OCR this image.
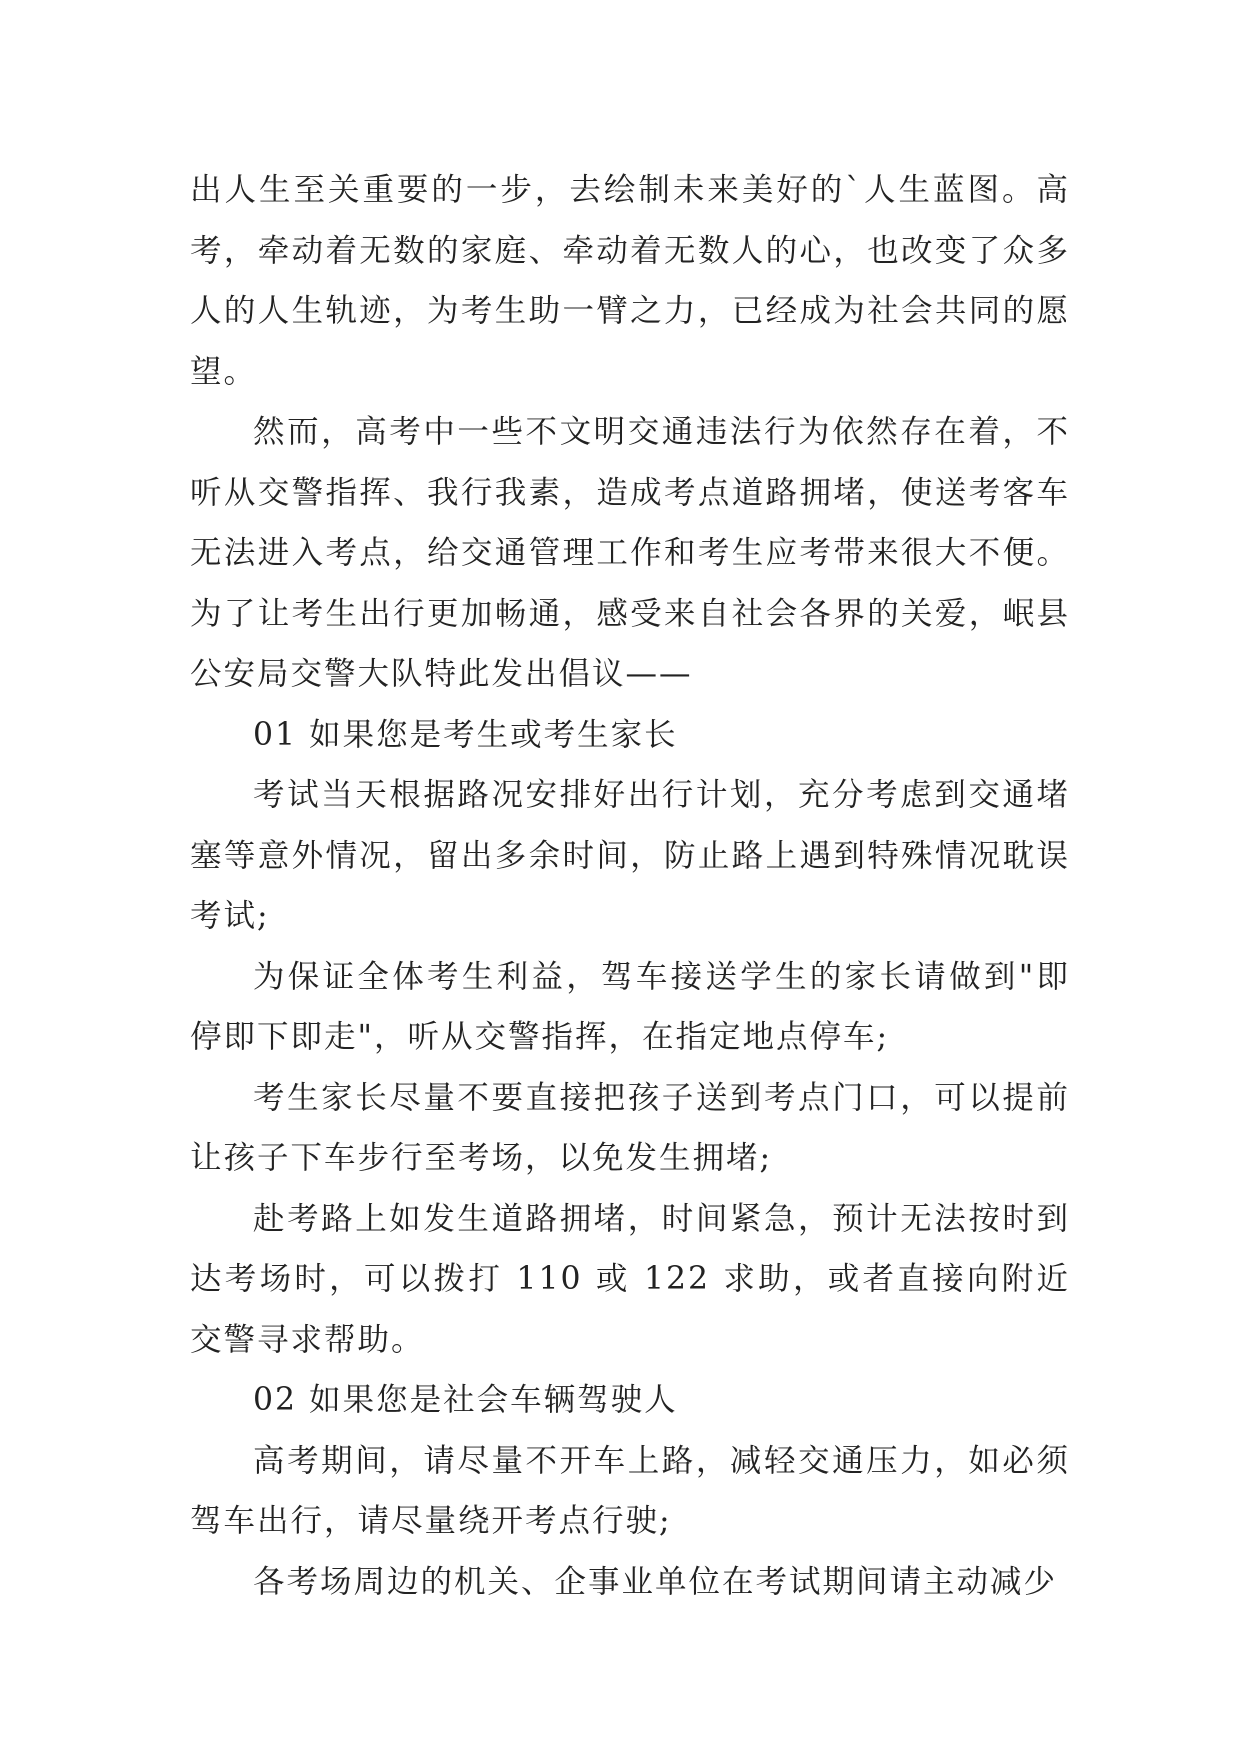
出人生至关重要的一步，去绘制未来美好的`人生蓝图。高考，牵动着无数的家庭、牵动着无数人的心，也改变了众多人的人生轨迹，为考生助一臂之力，已经成为社会共同的愿望。

然而，高考中一些不文明交通违法行为依然存在着，不听从交警指挥、我行我素，造成考点道路拥堵，使送考客车无法进入考点，给交通管理工作和考生应考带来很大不便。为了让考生出行更加畅通，感受来自社会各界的关爱，岷县公安局交警大队特此发出倡议——

01 如果您是考生或考生家长

考试当天根据路况安排好出行计划，充分考虑到交通堵塞等意外情况，留出多余时间，防止路上遇到特殊情况耽误考试;

为保证全体考生利益，驾车接送学生的家长请做到"即停即下即走"，听从交警指挥，在指定地点停车;

考生家长尽量不要直接把孩子送到考点门口，可以提前让孩子下车步行至考场，以免发生拥堵;

赴考路上如发生道路拥堵，时间紧急，预计无法按时到达考场时，可以拨打 110 或 122 求助，或者直接向附近交警寻求帮助。

02 如果您是社会车辆驾驶人

高考期间，请尽量不开车上路，减轻交通压力，如必须驾车出行，请尽量绕开考点行驶;

各考场周边的机关、企事业单位在考试期间请主动减少
